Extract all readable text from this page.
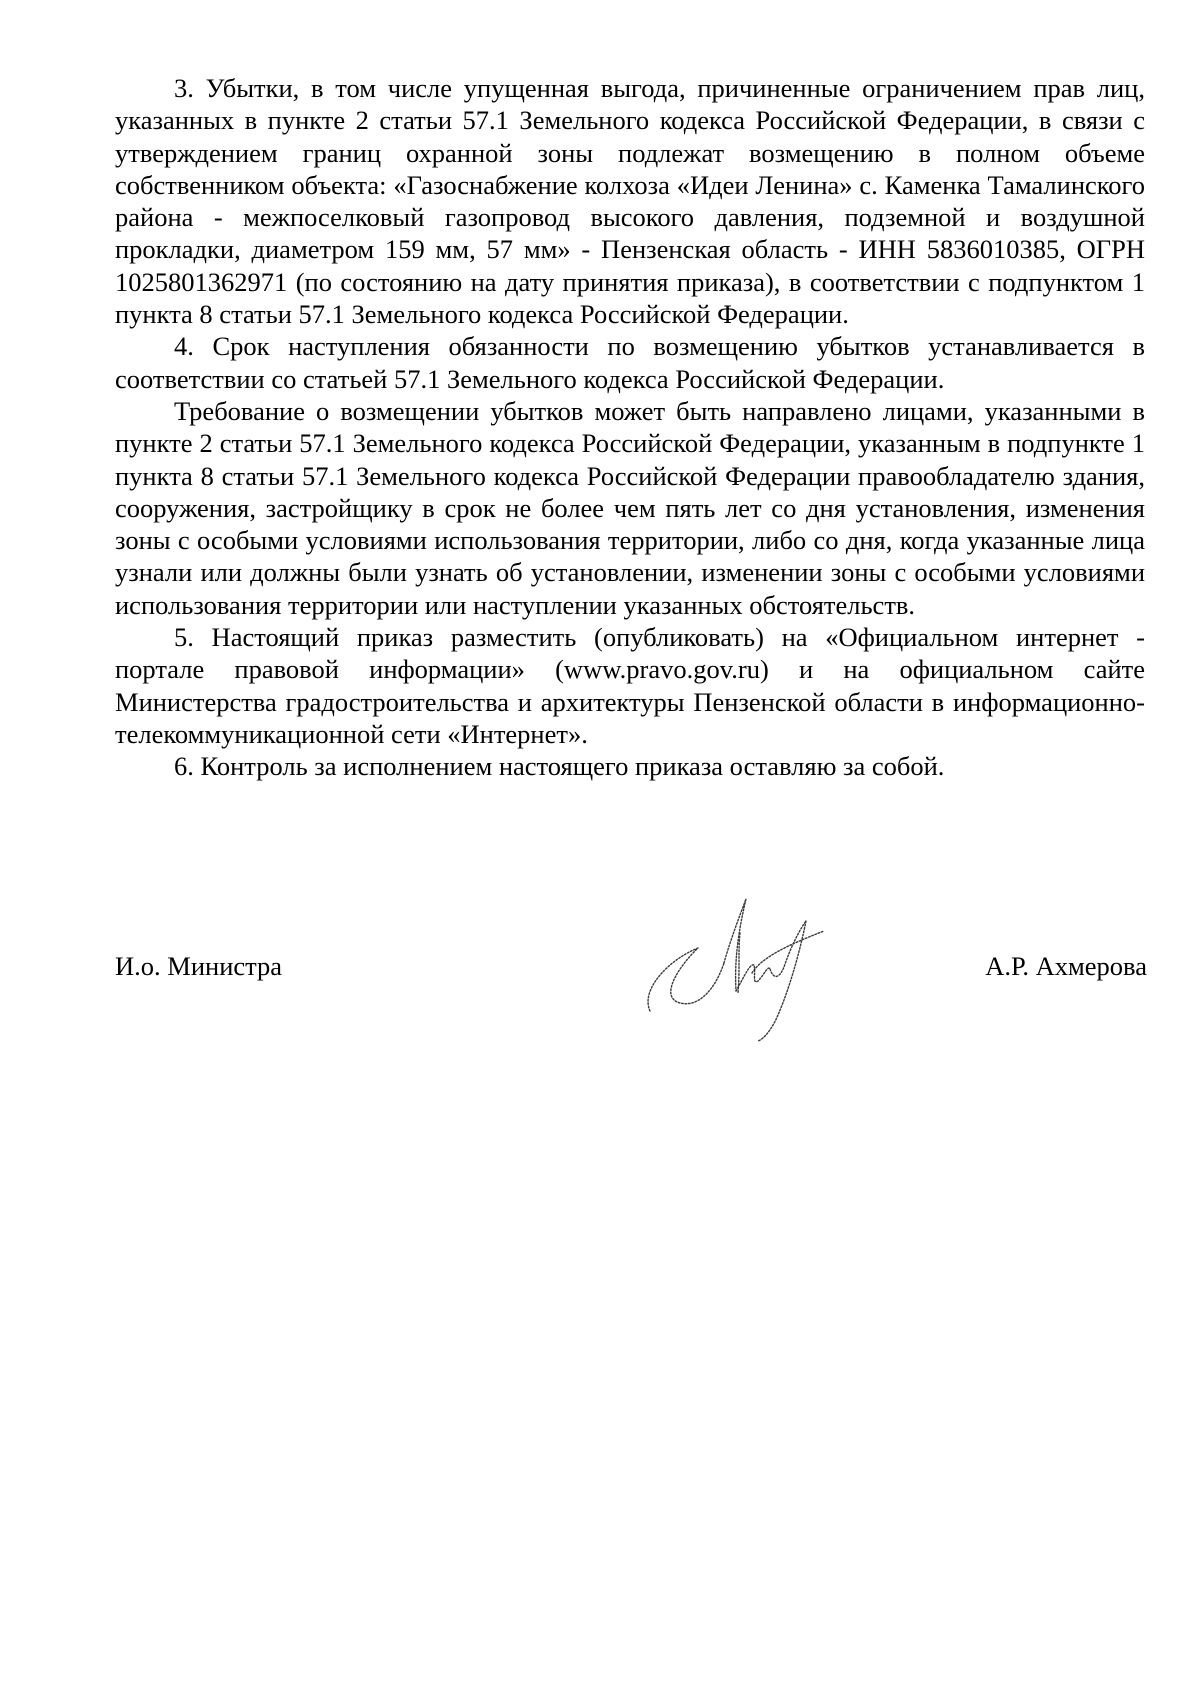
3. Убытки, в том числе упущенная выгода, причиненные ограничением прав лиц, указанных в пункте 2 статьи 57.1 Земельного кодекса Российской Федерации, в связи с утверждением границ охранной зоны подлежат возмещению в полном объеме собственником объекта: «Газоснабжение колхоза «Идеи Ленина» с. Каменка Тамалинского района - межпоселковый газопровод высокого давления, подземной и воздушной прокладки, диаметром 159 мм, 57 мм» - Пензенская область - ИНН 5836010385, ОГРН 1025801362971 (по состоянию на дату принятия приказа), в соответствии с подпунктом 1 пункта 8 статьи 57.1 Земельного кодекса Российской Федерации.

4. Срок наступления обязанности по возмещению убытков устанавливается в соответствии со статьей 57.1 Земельного кодекса Российской Федерации.

Требование о возмещении убытков может быть направлено лицами, указанными в пункте 2 статьи 57.1 Земельного кодекса Российской Федерации, указанным в подпункте 1 пункта 8 статьи 57.1 Земельного кодекса Российской Федерации правообладателю здания, сооружения, застройщику в срок не более чем пять лет со дня установления, изменения зоны с особыми условиями использования территории, либо со дня, когда указанные лица узнали или должны были узнать об установлении, изменении зоны с особыми условиями использования территории или наступлении указанных обстоятельств.

5. Настоящий приказ разместить (опубликовать) на «Официальном интернет - портале правовой информации» (www.pravo.gov.ru) и на официальном сайте Министерства градостроительства и архитектуры Пензенской области в информационно-телекоммуникационной сети «Интернет».

6. Контроль за исполнением настоящего приказа оставляю за собой.

И.о. Министра	А.Р. Ахмерова
